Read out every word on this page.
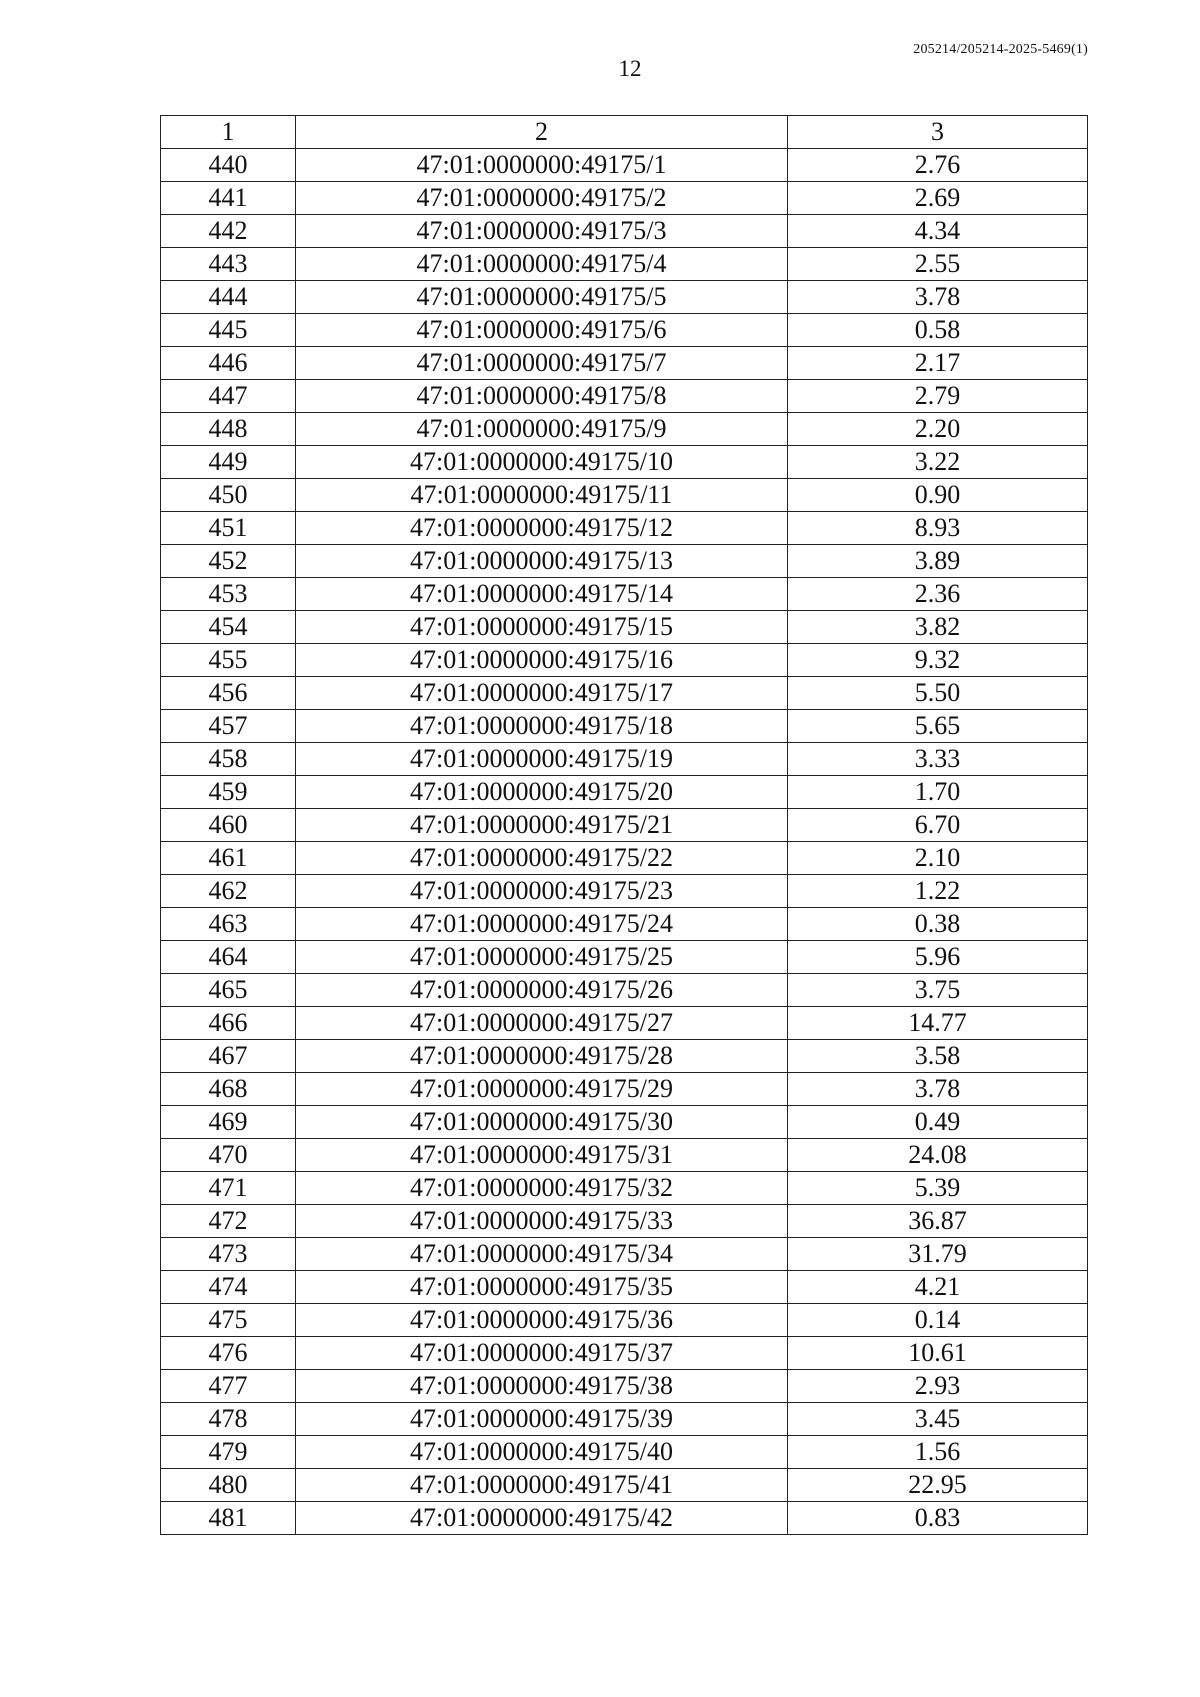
205214/205214-2025-5469(1)
12
1	2	3
440	47:01:0000000:49175/1	2.76
441	47:01:0000000:49175/2	2.69
442	47:01:0000000:49175/3	4.34
443	47:01:0000000:49175/4	2.55
444	47:01:0000000:49175/5	3.78
445	47:01:0000000:49175/6	0.58
446	47:01:0000000:49175/7	2.17
447	47:01:0000000:49175/8	2.79
448	47:01:0000000:49175/9	2.20
449	47:01:0000000:49175/10	3.22
450	47:01:0000000:49175/11	0.90
451	47:01:0000000:49175/12	8.93
452	47:01:0000000:49175/13	3.89
453	47:01:0000000:49175/14	2.36
454	47:01:0000000:49175/15	3.82
455	47:01:0000000:49175/16	9.32
456	47:01:0000000:49175/17	5.50
457	47:01:0000000:49175/18	5.65
458	47:01:0000000:49175/19	3.33
459	47:01:0000000:49175/20	1.70
460	47:01:0000000:49175/21	6.70
461	47:01:0000000:49175/22	2.10
462	47:01:0000000:49175/23	1.22
463	47:01:0000000:49175/24	0.38
464	47:01:0000000:49175/25	5.96
465	47:01:0000000:49175/26	3.75
466	47:01:0000000:49175/27	14.77
467	47:01:0000000:49175/28	3.58
468	47:01:0000000:49175/29	3.78
469	47:01:0000000:49175/30	0.49
470	47:01:0000000:49175/31	24.08
471	47:01:0000000:49175/32	5.39
472	47:01:0000000:49175/33	36.87
473	47:01:0000000:49175/34	31.79
474	47:01:0000000:49175/35	4.21
475	47:01:0000000:49175/36	0.14
476	47:01:0000000:49175/37	10.61
477	47:01:0000000:49175/38	2.93
478	47:01:0000000:49175/39	3.45
479	47:01:0000000:49175/40	1.56
480	47:01:0000000:49175/41	22.95
481	47:01:0000000:49175/42	0.83
